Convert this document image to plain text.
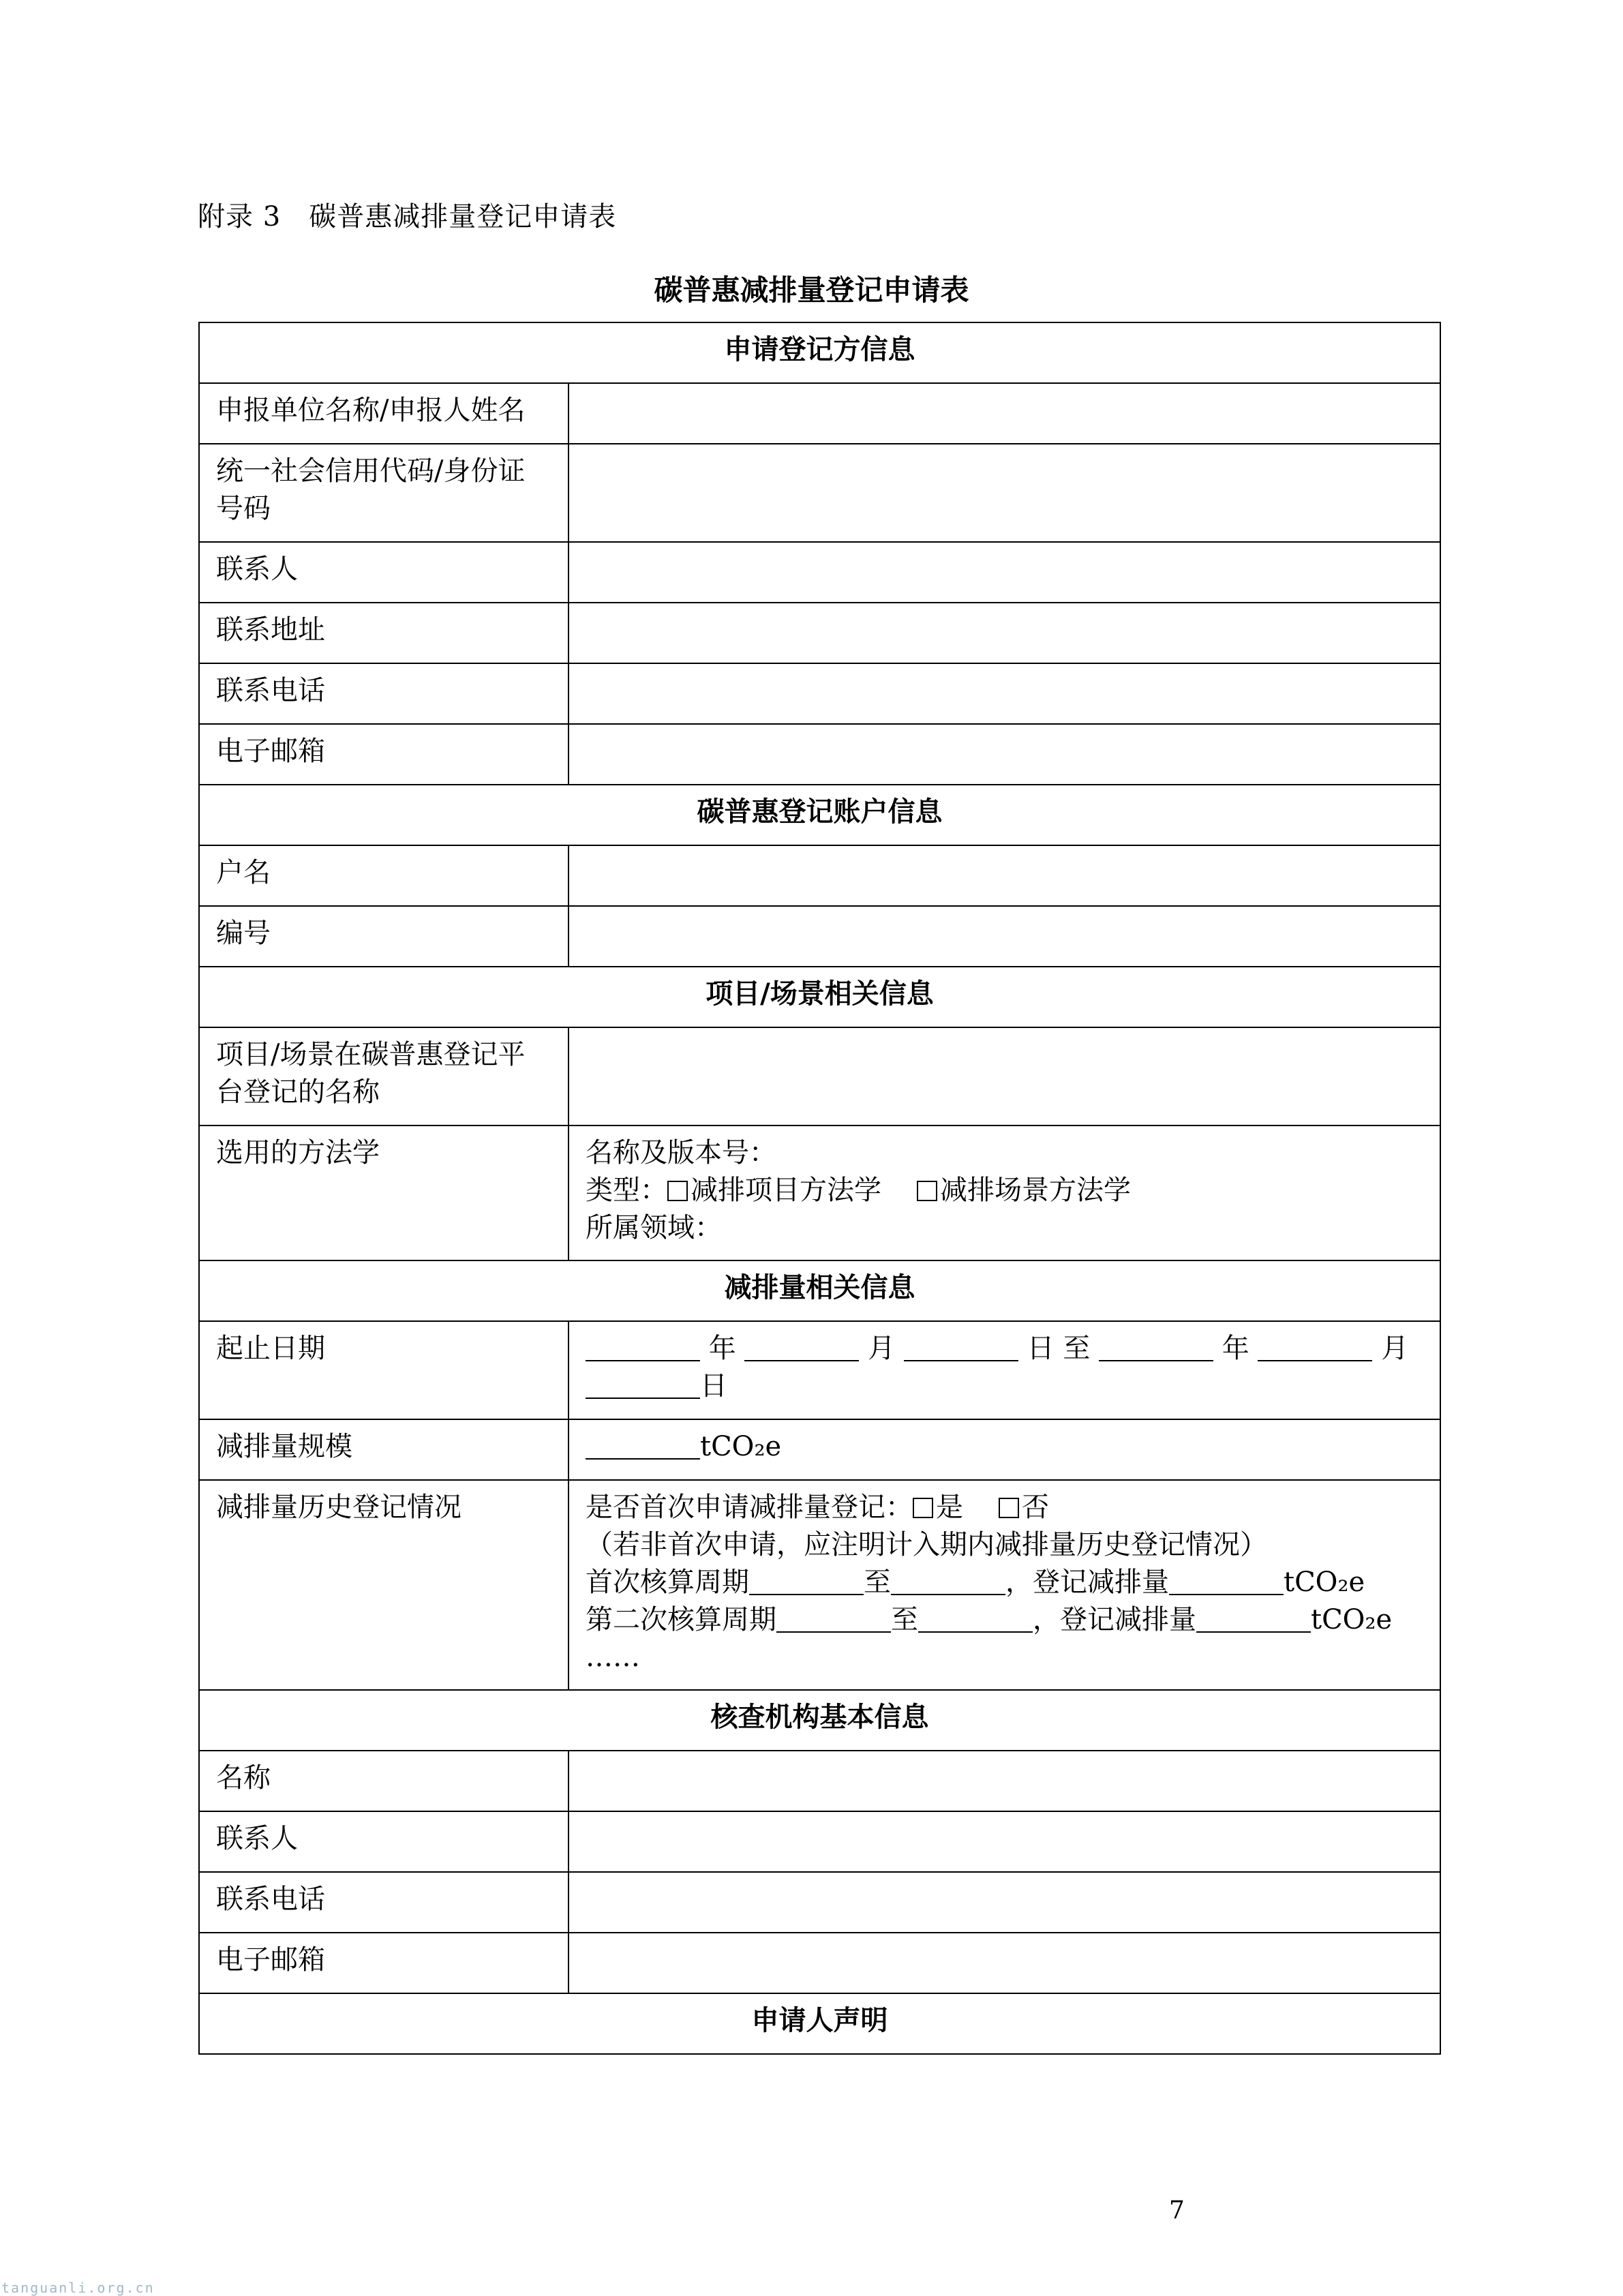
附录 3   碳普惠减排量登记申请表
碳普惠减排量登记申请表
申请登记方信息	
申报单位名称/申报人姓名	
统一社会信用代码/身份证号码	
联系人	
联系地址	
联系电话	
电子邮箱	
碳普惠登记账户信息	
户名	
编号	
项目/场景相关信息	
项目/场景在碳普惠登记平台登记的名称	
选用的方法学	名称及版本号：
类型： 减排项目方法学 减排场景方法学
所属领域：

减排量相关信息	
起止日期	年 月 日 至 年 月
日

减排量规模	tCO₂e
减排量历史登记情况	是否首次申请减排量登记： 是 否
（若非首次申请，应注明计入期内减排量历史登记情况）
首次核算周期 至 ，登记减排量 tCO₂e
第二次核算周期 至 ，登记减排量 tCO₂e
……

核查机构基本信息	
名称	
联系人	
联系电话	
电子邮箱	
申请人声明	
7
tanguanli.org.cn
